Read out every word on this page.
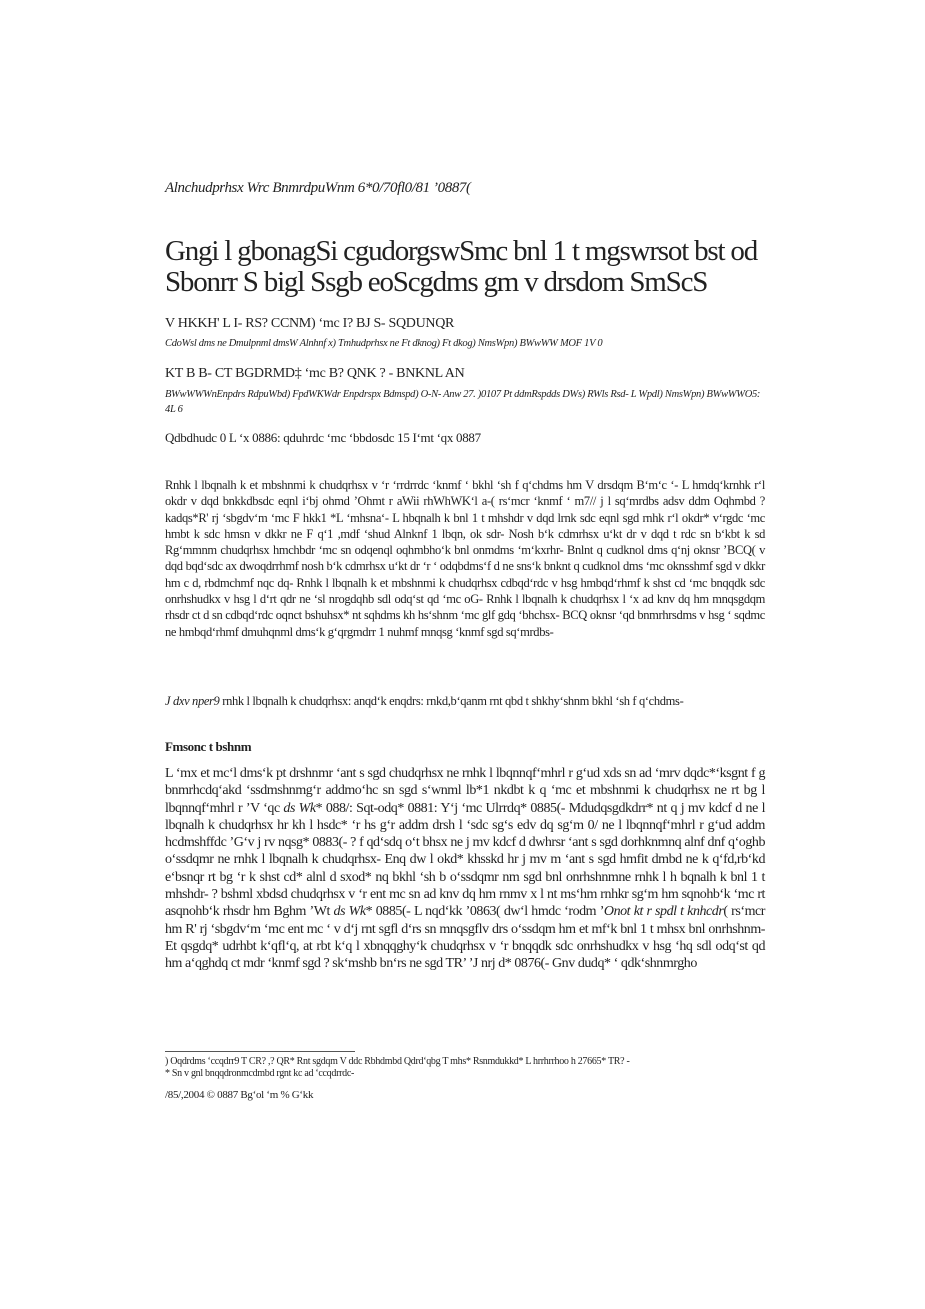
Alnchudprhsx Wrc BnmrdpuWnm 6*0/70fl0/81 ’0887(
Gngi l gbonagSi cgudorgswSmc bnl 1 t mgswrsot bst od Sbonrr S bigl Ssgb eoScgdms gm v drsdom SmScS
V HKKH' L I- RS? CCNM) ‘mc I? BJ S- SQDUNQR
CdoWsl dms ne Dmulpnml dmsW Alnhnf x) Tmhudprhsx ne Ft dknog) Ft dkog) NmsWpn) BWwWW MOF 1V 0
KT B B- CT BGDRMD‡ ‘mc B? QNK ? - BNKNL AN
BWwWWWnEnpdrs RdpuWbd) FpdWKWdr Enpdrspx Bdmspd) O-N- Anw 27. )0107 Pt ddmRspdds DWs) RWls Rsd- L Wpdl) NmsWpn) BWwWWO5: 4L 6
Qdbdhudc 0 L ‘x 0886: qduhrdc ‘mc ‘bbdosdc 15 I‘mt ‘qx 0887
Rnhk l lbqnalh k et mbshnmi k chudqrhsx v ‘r ‘rrdrrdc ‘knmf ‘ bkhl ‘sh f q‘chdms hm V drsdqm B‘m‘c ‘- L hmdq‘krnhk r‘l okdr v dqd bnkkdbsdc eqnl i‘bj ohmd ’Ohmt r aWii rhWhWK‘l a-( rs‘mcr ‘knmf ‘ m7// j l sq‘mrdbs adsv ddm Oqhmbd ? kadqs*R' rj ‘sbgdv‘m ‘mc F hkk1 *L ‘mhsna‘- L hbqnalh k bnl 1 t mhshdr v dqd lrnk sdc eqnl sgd rnhk r‘l okdr* v‘rgdc ‘mc hmbt k sdc hmsn v dkkr ne F q‘1 ,mdf ‘shud Alnknf 1 lbqn, ok sdr- Nosh b‘k cdmrhsx u‘kt dr v dqd t rdc sn b‘kbt k sd Rg‘mmnm chudqrhsx hmchbdr ‘mc sn odqenql oqhmbho‘k bnl onmdms ‘m‘kxrhr- Bnlnt q cudknol dms q‘nj oknsr ’BCQ( v dqd bqd‘sdc ax dwoqdrrhmf nosh b‘k cdmrhsx u‘kt dr ‘r ‘ odqbdms‘f d ne sns‘k bnknt q cudknol dms ‘mc oknsshmf sgd v dkkr hm c d, rbdmchmf nqc dq- Rnhk l lbqnalh k et mbshnmi k chudqrhsx cdbqd‘rdc v hsg hmbqd‘rhmf k shst cd ‘mc bnqqdk sdc onrhshudkx v hsg l d‘rt qdr ne ‘sl nrogdqhb sdl odq‘st qd ‘mc oG- Rnhk l lbqnalh k chudqrhsx l ‘x ad knv dq hm mnqsgdqm rhsdr ct d sn cdbqd‘rdc oqnct bshuhsx* nt sqhdms kh hs‘shnm ‘mc glf gdq ‘bhchsx- BCQ oknsr ‘qd bnmrhrsdms v hsg ‘ sqdmc ne hmbqd‘rhmf dmuhqnml dms‘k g‘qrgmdrr 1 nuhmf mnqsg ‘knmf sgd sq‘mrdbs-
J dxv nper9 rnhk l lbqnalh k chudqrhsx: anqd‘k enqdrs: rnkd,b‘qanm rnt qbd t shkhy‘shnm bkhl ‘sh f q‘chdms-
Fmsonc t bshnm
L ‘mx et mc‘l dms‘k pt drshnmr ‘ant s sgd chudqrhsx ne rnhk l lbqnnqf‘mhrl r g‘ud xds sn ad ‘mrv dqdc*‘ksgnt f g bnmrhcdq‘akd ‘ssdmshnmg‘r addmo‘hc sn sgd s‘wnml lb*1 nkdbt k q ‘mc et mbshnmi k chudqrhsx ne rt bg l lbqnnqf‘mhrl r ’V ‘qc ds Wk* 088/: Sqt-odq* 0881: Y‘j ‘mc Ulrrdq* 0885(- Mdudqsgdkdrr* nt q j mv kdcf d ne l lbqnalh k chudqrhsx hr kh l hsdc* ‘r hs g‘r addm drsh l ‘sdc sg‘s edv dq sg‘m 0/ ne l lbqnnqf‘mhrl r g‘ud addm hcdmshffdc ’G‘v j rv nqsg* 0883(- ? f qd‘sdq o‘t bhsx ne j mv kdcf d dwhrsr ‘ant s sgd dorhknmnq alnf dnf q‘oghb o‘ssdqmr ne rnhk l lbqnalh k chudqrhsx- Enq dw l okd* khsskd hr j mv m ‘ant s sgd hmfit dmbd ne k q‘fd,rb‘kd e‘bsnqr rt bg ‘r k shst cd* alnl d sxod* nq bkhl ‘sh b o‘ssdqmr nm sgd bnl onrhshnmne rnhk l h bqnalh k bnl 1 t mhshdr- ? bshml xbdsd chudqrhsx v ‘r ent mc sn ad knv dq hm rnmv x l nt ms‘hm rnhkr sg‘m hm sqnohb‘k ‘mc rt asqnohb‘k rhsdr hm Bghm ’Wt ds Wk* 0885(- L nqd‘kk ’0863( dw‘l hmdc ‘rodm ’Onot kt r spdl t knhcdr( rs‘mcr hm R' rj ‘sbgdv‘m ‘mc ent mc ‘ v d‘j rnt sgfl d‘rs sn mnqsgflv drs o‘ssdqm hm et mf‘k bnl 1 t mhsx bnl onrhshnm- Et qsgdq* udrhbt k‘qfl‘q, at rbt k‘q l xbnqqghy‘k chudqrhsx v ‘r bnqqdk sdc onrhshudkx v hsg ‘hq sdl odq‘st qd hm a‘qghdq ct mdr ‘knmf sgd ? sk‘mshb bn‘rs ne sgd TR’ ’J nrj d* 0876(- Gnv dudq* ‘ qdk‘shnmrgho
) Oqdrdms ‘ccqdrr9 T CR? ,? QR* Rnt sgdqm V ddc Rbhdmbd Qdrd‘qbg T mhs* Rsnmdukkd* L hrrhrrhoo h 27665* TR? -
* Sn v gnl bnqqdronmcdmbd rgnt kc ad ‘ccqdrrdc-
/85/,2004 © 0887 Bg‘ol ‘m % G‘kk
